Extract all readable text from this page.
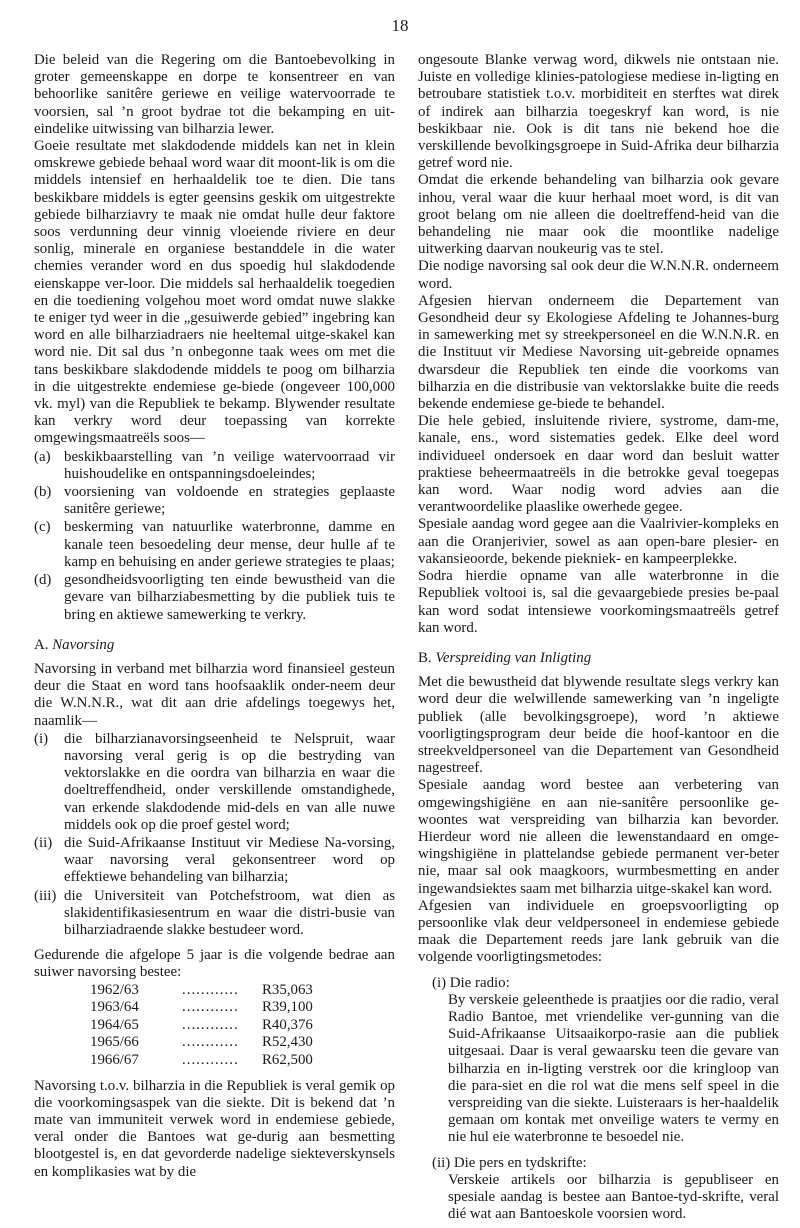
18

Die beleid van die Regering om die Bantoebevolking in groter gemeenskappe en dorpe te konsentreer en van behoorlike sanitêre geriewe en veilige watervoorrade te voorsien, sal ’n groot bydrae tot die bekamping en uit-eindelike uitwissing van bilharzia lewer.

Goeie resultate met slakdodende middels kan net in klein omskrewe gebiede behaal word waar dit moont-lik is om die middels intensief en herhaaldelik toe te dien. Die tans beskikbare middels is egter geensins geskik om uitgestrekte gebiede bilharziavry te maak nie omdat hulle deur faktore soos verdunning deur vinnig vloeiende riviere en deur sonlig, minerale en organiese bestanddele in die water chemies verander word en dus spoedig hul slakdodende eienskappe ver-loor. Die middels sal herhaaldelik toegedien en die toediening volgehou moet word omdat nuwe slakke te eniger tyd weer in die „gesuiwerde gebied” ingebring kan word en alle bilharziadraers nie heeltemal uitge-skakel kan word nie. Dit sal dus ’n onbegonne taak wees om met die tans beskikbare slakdodende middels te poog om bilharzia in die uitgestrekte endemiese ge-biede (ongeveer 100,000 vk. myl) van die Republiek te bekamp. Blywender resultate kan verkry word deur toepassing van korrekte omgewingsmaatreëls soos—

(a) beskikbaarstelling van ’n veilige watervoorraad vir huishoudelike en ontspanningsdoeleindes;
(b) voorsiening van voldoende en strategies geplaaste sanitêre geriewe;
(c) beskerming van natuurlike waterbronne, damme en kanale teen besoedeling deur mense, deur hulle af te kamp en behuising en ander geriewe strategies te plaas;
(d) gesondheidsvoorligting ten einde bewustheid van die gevare van bilharziabesmetting by die publiek tuis te bring en aktiewe samewerking te verkry.
A. Navorsing

Navorsing in verband met bilharzia word finansieel gesteun deur die Staat en word tans hoofsaaklik onder-neem deur die W.N.N.R., wat dit aan drie afdelings toegewys het, naamlik—

(i)	die bilharzianavorsingseenheid te Nelspruit, waar navorsing veral gerig is op die bestryding van vektorslakke en die oordra van bilharzia en waar die doeltreffendheid, onder verskillende omstandighede, van erkende slakdodende mid-dels en van alle nuwe middels ook op die proef gestel word;
(ii) die Suid-Afrikaanse Instituut vir Mediese Na-vorsing, waar navorsing veral gekonsentreer word op effektiewe behandeling van bilharzia;
(iii) die Universiteit van Potchefstroom, wat dien as slakidentifikasiesentrum en waar die distri-busie van bilharziadraende slakke bestudeer word.

Gedurende die afgelope 5 jaar is die volgende bedrae aan suiwer navorsing bestee:

1962/63	............	R35,063
1963/64	............	R39,100
1964/65	............	R40,376
1965/66	............	R52,430
1966/67	............	R62,500

Navorsing t.o.v. bilharzia in die Republiek is veral gemik op die voorkomingsaspek van die siekte. Dit is bekend dat ’n mate van immuniteit verwek word in endemiese gebiede, veral onder die Bantoes wat ge-durig aan besmetting blootgestel is, en dat gevorderde nadelige siekteverskynsels en komplikasies wat by die

ongesoute Blanke verwag word, dikwels nie ontstaan nie. Juiste en volledige klinies-patologiese mediese in-ligting en betroubare statistiek t.o.v. morbiditeit en sterftes wat direk of indirek aan bilharzia toegeskryf kan word, is nie beskikbaar nie. Ook is dit tans nie bekend hoe die verskillende bevolkingsgroepe in Suid-Afrika deur bilharzia getref word nie.

Omdat die erkende behandeling van bilharzia ook gevare inhou, veral waar die kuur herhaal moet word, is dit van groot belang om nie alleen die doeltreffend-heid van die behandeling nie maar ook die moontlike nadelige uitwerking daarvan noukeurig vas te stel.

Die nodige navorsing sal ook deur die W.N.N.R. onderneem word.

Afgesien hiervan onderneem die Departement van Gesondheid deur sy Ekologiese Afdeling te Johannes-burg in samewerking met sy streekpersoneel en die W.N.N.R. en die Instituut vir Mediese Navorsing uit-gebreide opnames dwarsdeur die Republiek ten einde die voorkoms van bilharzia en die distribusie van vektorslakke buite die reeds bekende endemiese ge-biede te behandel.

Die hele gebied, insluitende riviere, systrome, dam-me, kanale, ens., word sistematies gedek. Elke deel word individueel ondersoek en daar word dan besluit watter praktiese beheermaatreëls in die betrokke geval toegepas kan word. Waar nodig word advies aan die verantwoordelike plaaslike owerhede gegee.

Spesiale aandag word gegee aan die Vaalrivier-kompleks en aan die Oranjerivier, sowel as aan open-bare plesier- en vakansieoorde, bekende piekniek- en kampeerplekke.

Sodra hierdie opname van alle waterbronne in die Republiek voltooi is, sal die gevaargebiede presies be-paal kan word sodat intensiewe voorkomingsmaatreëls getref kan word.

B. Verspreiding van Inligting

Met die bewustheid dat blywende resultate slegs verkry kan word deur die welwillende samewerking van ’n ingeligte publiek (alle bevolkingsgroepe), word ’n aktiewe voorligtingsprogram deur beide die hoof-kantoor en die streekveldpersoneel van die Departement van Gesondheid nagestreef.

Spesiale aandag word bestee aan verbetering van omgewingshigiëne en aan nie-sanitêre persoonlike ge-woontes wat verspreiding van bilharzia kan bevorder. Hierdeur word nie alleen die lewenstandaard en omge-wingshigiëne in plattelandse gebiede permanent ver-beter nie, maar sal ook maagkoors, wurmbesmetting en ander ingewandsiektes saam met bilharzia uitge-skakel kan word.

Afgesien van individuele en groepsvoorligting op persoonlike vlak deur veldpersoneel in endemiese gebiede maak die Departement reeds jare lank gebruik van die volgende voorligtingsmetodes:

(i) Die radio:
By verskeie geleenthede is praatjies oor die radio, veral Radio Bantoe, met vriendelike ver-gunning van die Suid-Afrikaanse Uitsaaikorpo-rasie aan die publiek uitgesaai. Daar is veral gewaarsku teen die gevare van bilharzia en in-ligting verstrek oor die kringloop van die para-siet en die rol wat die mens self speel in die verspreiding van die siekte. Luisteraars is her-haaldelik gemaan om kontak met onveilige waters te vermy en nie hul eie waterbronne te besoedel nie.
(ii) Die pers en tydskrifte:
Verskeie artikels oor bilharzia is gepubliseer en spesiale aandag is bestee aan Bantoe-tyd-skrifte, veral dié wat aan Bantoeskole voorsien word.
